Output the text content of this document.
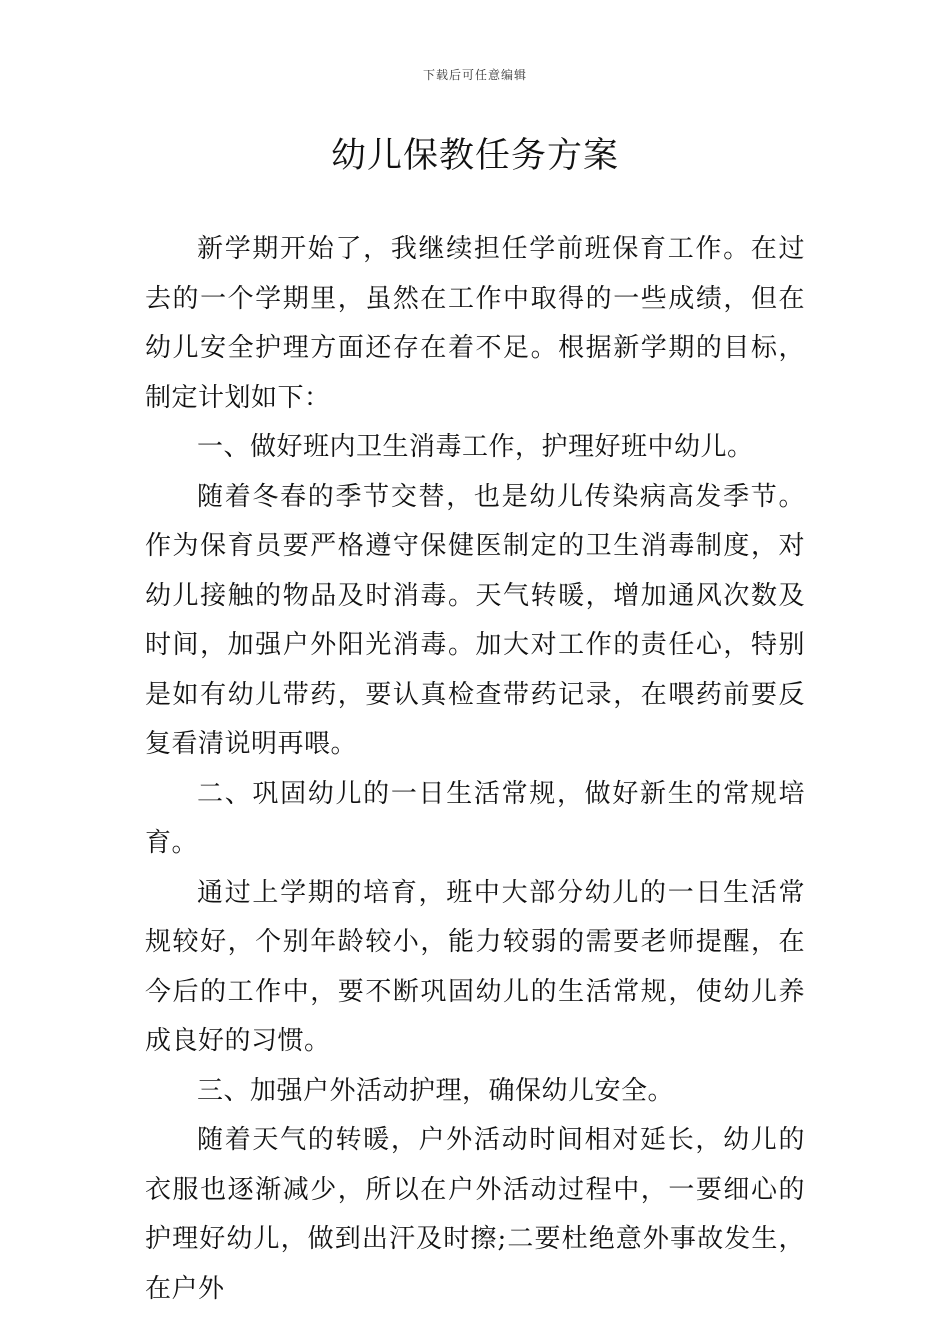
下载后可任意编辑
幼儿保教任务方案

新学期开始了，我继续担任学前班保育工作。在过去的一个学期里，虽然在工作中取得的一些成绩，但在幼儿安全护理方面还存在着不足。根据新学期的目标，制定计划如下：

一、做好班内卫生消毒工作，护理好班中幼儿。

随着冬春的季节交替，也是幼儿传染病高发季节。作为保育员要严格遵守保健医制定的卫生消毒制度，对幼儿接触的物品及时消毒。天气转暖，增加通风次数及时间，加强户外阳光消毒。加大对工作的责任心，特别是如有幼儿带药，要认真检查带药记录，在喂药前要反复看清说明再喂。

二、巩固幼儿的一日生活常规，做好新生的常规培育。

通过上学期的培育，班中大部分幼儿的一日生活常规较好，个别年龄较小，能力较弱的需要老师提醒，在今后的工作中，要不断巩固幼儿的生活常规，使幼儿养成良好的习惯。

三、加强户外活动护理，确保幼儿安全。

随着天气的转暖，户外活动时间相对延长，幼儿的衣服也逐渐减少，所以在户外活动过程中，一要细心的护理好幼儿，做到出汗及时擦;二要杜绝意外事故发生，在户外
